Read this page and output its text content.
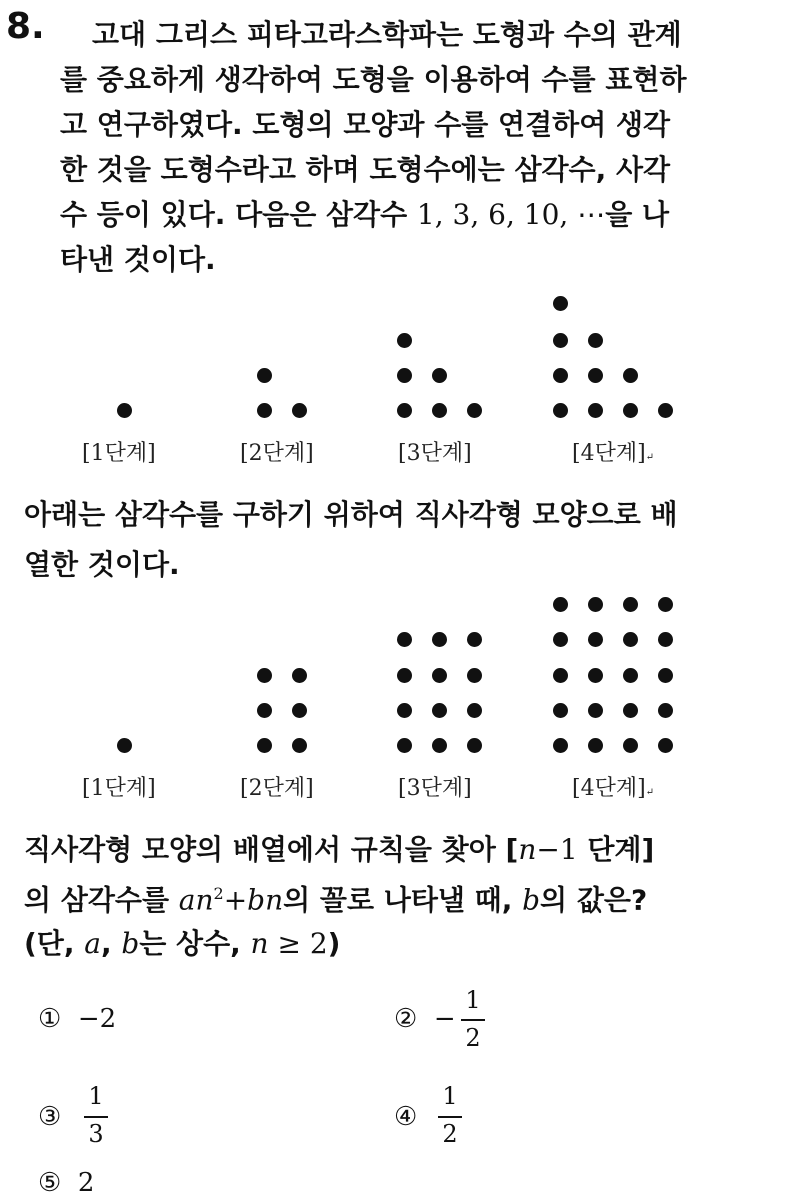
8.	고대 그리스 피타고라스학파는 도형과 수의 관계
를 중요하게 생각하여 도형을 이용하여 수를 표현하
고 연구하였다. 도형의 모양과 수를 연결하여 생각
한 것을 도형수라고 하며 도형수에는 삼각수, 사각
수 등이 있다. 다음은 삼각수 1, 3, 6, 10, ⋯을 나
타낸 것이다.
[1단계]	[2단계]	[3단계]	[4단계]↵
아래는 삼각수를 구하기 위하여 직사각형 모양으로 배
열한 것이다.
[1단계]	[2단계]	[3단계]	[4단계]↵
직사각형 모양의 배열에서 규칙을 찾아 [n−1 단계]
의 삼각수를 $an^2+bn$의 꼴로 나타낼 때, b의 값은?
(단, a, b는 상수, n ≥ 2)
① −2	② −
1
2
③
1
3
④
1
2
⑤ 2
